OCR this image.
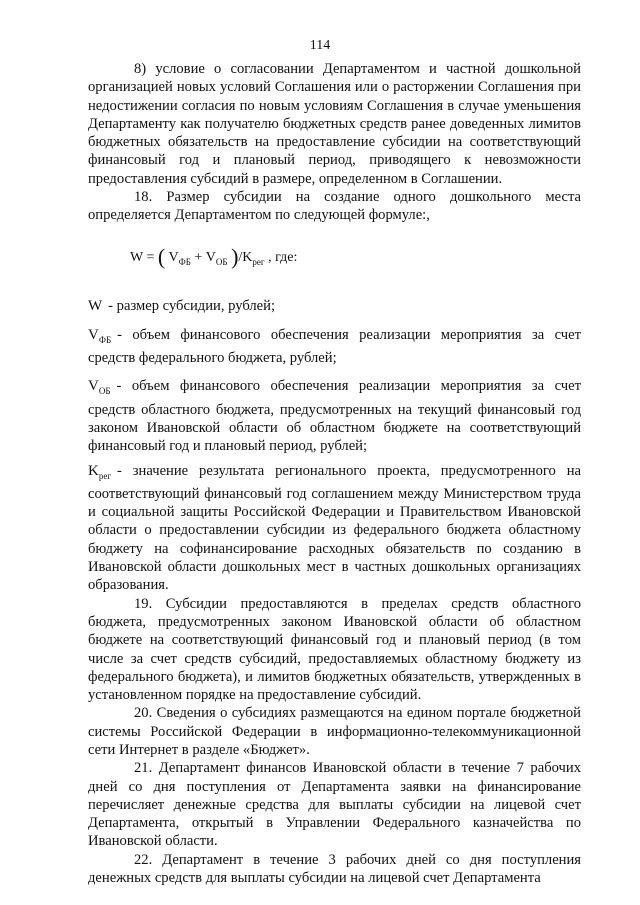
114

8) условие о согласовании Департаментом и частной дошкольной организацией новых условий Соглашения или о расторжении Соглашения при недостижении согласия по новым условиям Соглашения в случае уменьшения Департаменту как получателю бюджетных средств ранее доведенных лимитов бюджетных обязательств на предоставление субсидии на соответствующий финансовый год и плановый период, приводящего к невозможности предоставления субсидий в размере, определенном в Соглашении.

18. Размер субсидии на создание одного дошкольного места определяется Департаментом по следующей формуле:,

W = ( $V_{ФБ} + V_{ОБ}$ )$/K_{рег}$ , где:

W - размер субсидии, рублей;

$V_{ФБ}$ - объем финансового обеспечения реализации мероприятия за счет средств федерального бюджета, рублей;

$V_{ОБ}$ - объем финансового обеспечения реализации мероприятия за счет средств областного бюджета, предусмотренных на текущий финансовый год законом Ивановской области об областном бюджете на соответствующий финансовый год и плановый период, рублей;

$K_{рег}$ - значение результата регионального проекта, предусмотренного на соответствующий финансовый год соглашением между Министерством труда и социальной защиты Российской Федерации и Правительством Ивановской области о предоставлении субсидии из федерального бюджета областному бюджету на софинансирование расходных обязательств по созданию в Ивановской области дошкольных мест в частных дошкольных организациях образования.

19. Субсидии предоставляются в пределах средств областного бюджета, предусмотренных законом Ивановской области об областном бюджете на соответствующий финансовый год и плановый период (в том числе за счет средств субсидий, предоставляемых областному бюджету из федерального бюджета), и лимитов бюджетных обязательств, утвержденных в установленном порядке на предоставление субсидий.

20. Сведения о субсидиях размещаются на едином портале бюджетной системы Российской Федерации в информационно-телекоммуникационной сети Интернет в разделе «Бюджет».

21. Департамент финансов Ивановской области в течение 7 рабочих дней со дня поступления от Департамента заявки на финансирование перечисляет денежные средства для выплаты субсидии на лицевой счет Департамента, открытый в Управлении Федерального казначейства по Ивановской области.

22. Департамент в течение 3 рабочих дней со дня поступления денежных средств для выплаты субсидии на лицевой счет Департамента
